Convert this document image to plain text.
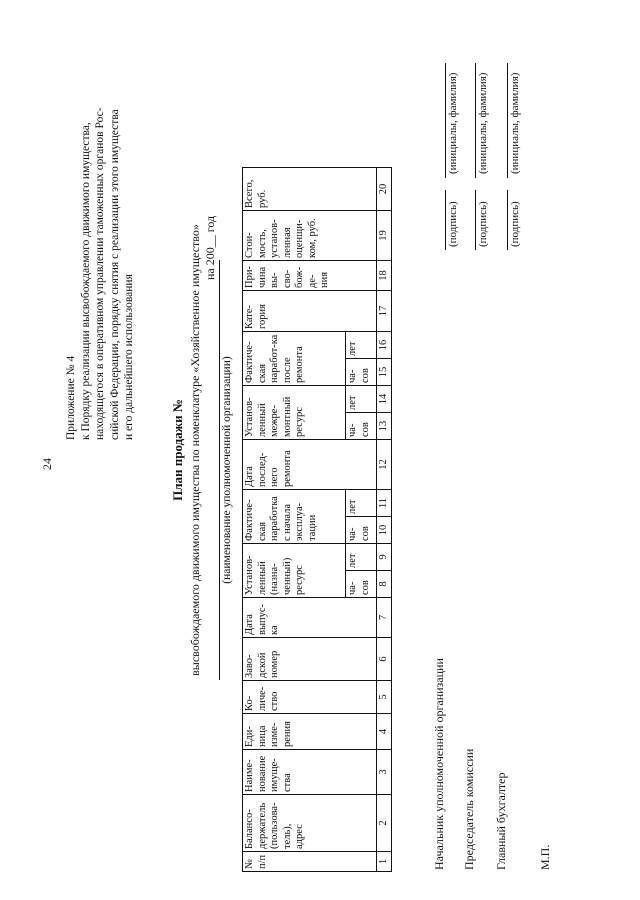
24
Приложение № 4 к Порядку реализации высвобождаемого движимого имущества, находящегося в оперативном управлении таможенных органов Рос- сийской Федерации, порядку снятия с реализации этого имущества и его дальнейшего использования
План продажи № высвобождаемого движимого имущества по номенклатуре «Хозяйственное имущество» на 200__ год
(наименование уполномоченной организации)
№ п/п	Балансо-держатель (пользова-тель), адрес	Наиме-нование имуще-ства	Еди-ница изме-рения	Ко-личе-ство	Заво-дской номер	Дата выпус-ка	Установ-ленный (назна-ченный) ресурс		Фактиче-ская наработка с начала эксплуа-тации		Дата послед-него ремонта	Установ-ленный межре-монтный ресурс		Фактиче-ская наработ-ка после ремонта		Кате-гория	При-чина вы-сво-бож-де-ния	Стои-мость, установ-ленная оценщи-ком, руб.	Всего, руб.
							ча-сов	лет	ча-сов	лет		ча-сов	лет	ча-сов	лет				
1	2	3	4	5	6	7	8	9	10	11	12	13	14	15	16	17	18	19	20
Начальник уполномоченной организации
(подпись)
(инициалы, фамилия)
Председатель комиссии
(подпись)
(инициалы, фамилия)
Главный бухгалтер
(подпись)
(инициалы, фамилия)
М.П.
